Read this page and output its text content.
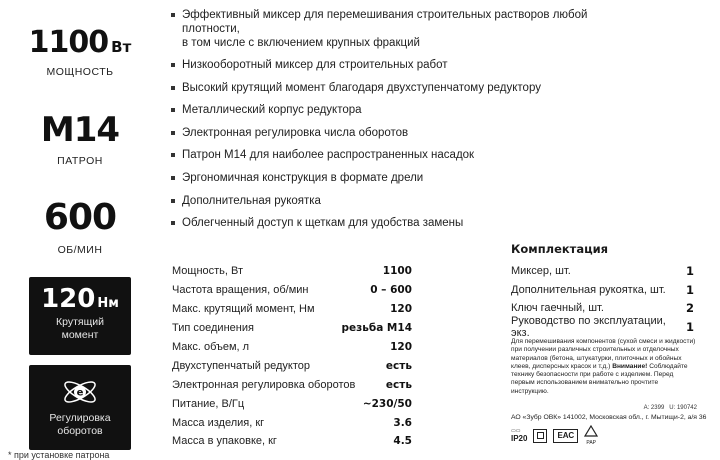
1100 Вт
МОЩНОСТЬ
М14
ПАТРОН
600
ОБ/МИН
120 Нм
Крутящий
момент
e
Регулировка
оборотов
Эффективный миксер для перемешивания строительных растворов любой плотности,
в том числе с включением крупных фракций
Низкооборотный миксер для строительных работ
Высокий крутящий момент благодаря двухступенчатому редуктору
Металлический корпус редуктора
Электронная регулировка числа оборотов
Патрон М14 для наиболее распространенных насадок
Эргономичная конструкция в формате дрели
Дополнительная рукоятка
Облегченный доступ к щеткам для удобства замены
Мощность, Вт	1100
Частота вращения, об/мин	0 – 600
Макс. крутящий момент, Нм	120
Тип соединения	резьба М14
Макс. объем, л	120
Двухступенчатый редуктор	есть
Электронная регулировка оборотов	есть
Питание, В/Гц	~230/50
Масса изделия, кг	3.6
Масса в упаковке, кг	4.5
Комплектация
Миксер, шт.	1
Дополнительная рукоятка, шт. 1
Ключ гаечный, шт.	2
Руководство по эксплуатации, экз.	1
Для перемешивания компонентов (сухой смеси и жидкости) при получении различных строительных и отделочных материалов (бетона, штукатурки, плиточных и обойных клеев, дисперсных красок и т.д.) Внимание! Соблюдайте технику безопасности при работе с изделием. Перед первым использованием внимательно прочтите инструкцию.
А: 2399 U: 190742
АО «Зубр ОВК» 141002, Московская обл., г. Мытищи-2, а/я 36
▭▭
IP20	ЕАС
РАР
* при установке патрона
